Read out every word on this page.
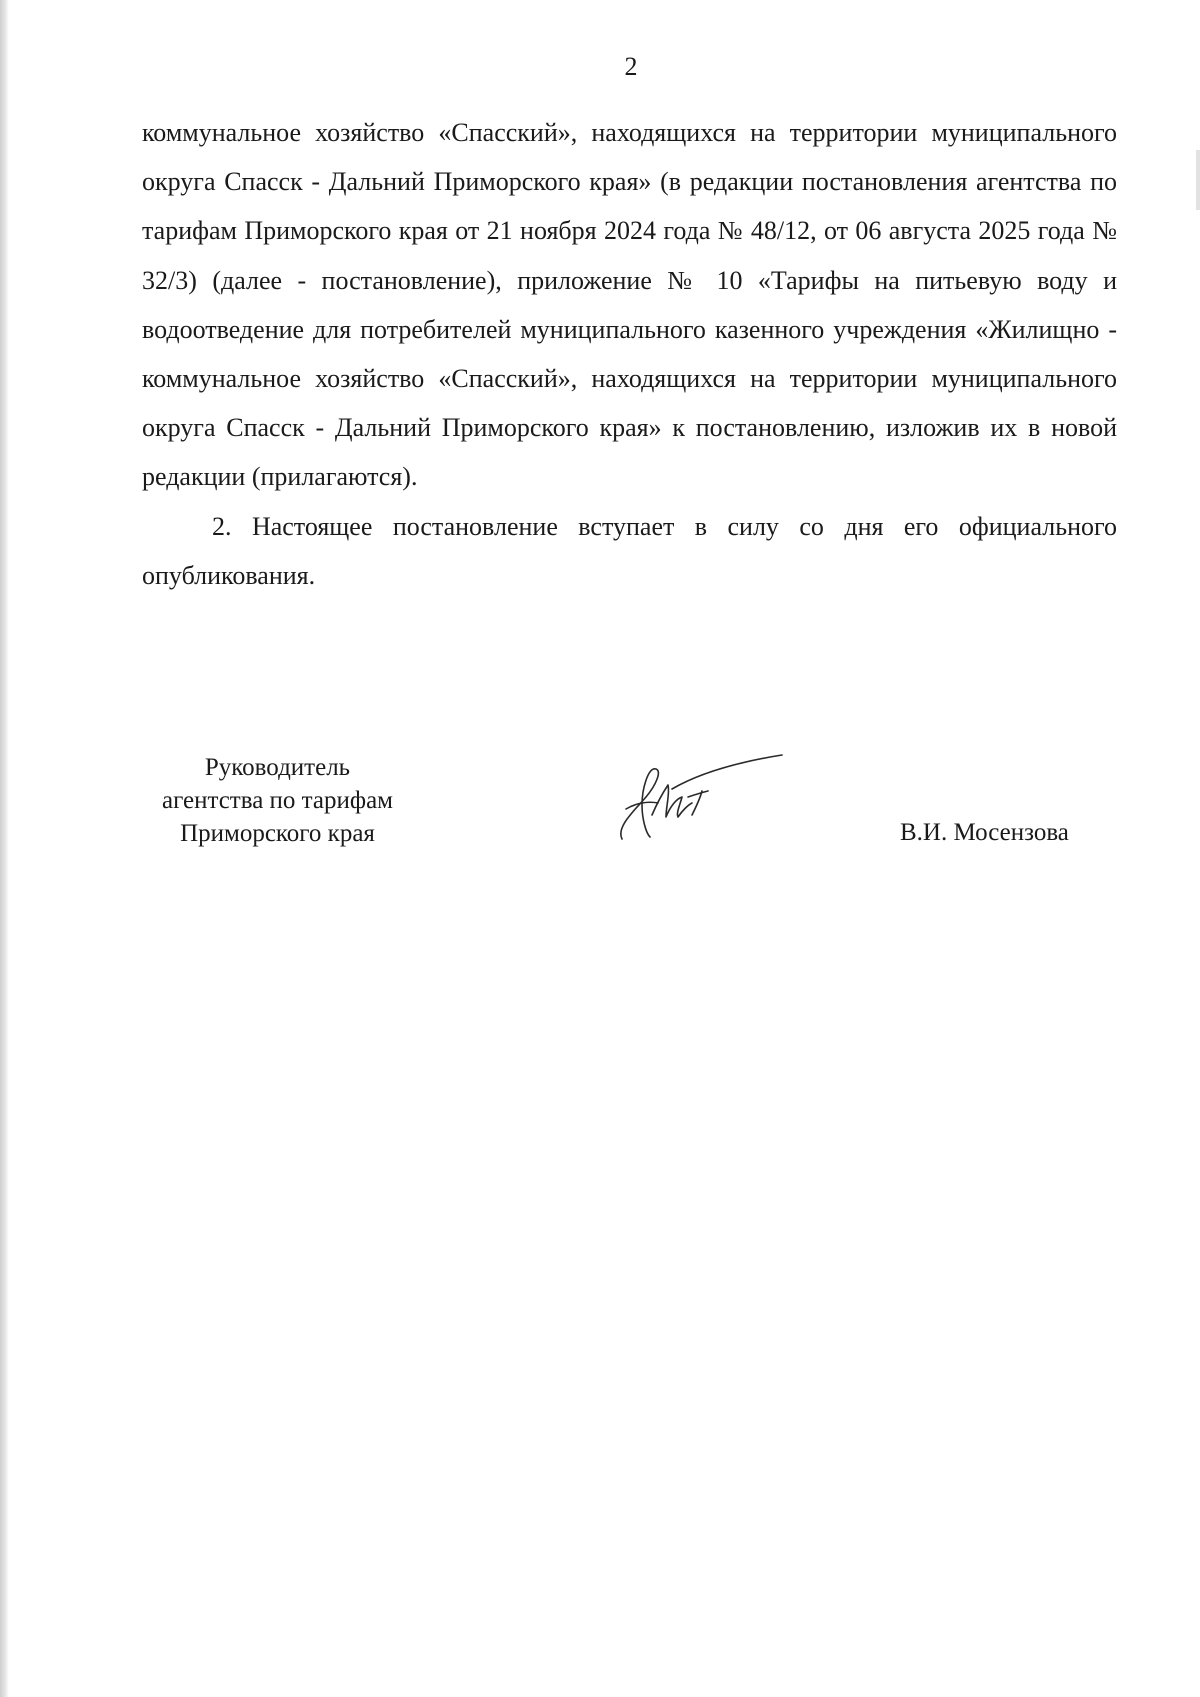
2

коммунальное хозяйство «Спасский», находящихся на территории муниципального округа Спасск - Дальний Приморского края» (в редакции постановления агентства по тарифам Приморского края от 21 ноября 2024 года № 48/12, от 06 августа 2025 года № 32/3) (далее - постановление), приложение № 10 «Тарифы на питьевую воду и водоотведение для потребителей муниципального казенного учреждения «Жилищно - коммунальное хозяйство «Спасский», находящихся на территории муниципального округа Спасск - Дальний Приморского края» к постановлению, изложив их в новой редакции (прилагаются).

2. Настоящее постановление вступает в силу со дня его официального опубликования.

Руководитель
агентства по тарифам
Приморского края	В.И. Мосензова
